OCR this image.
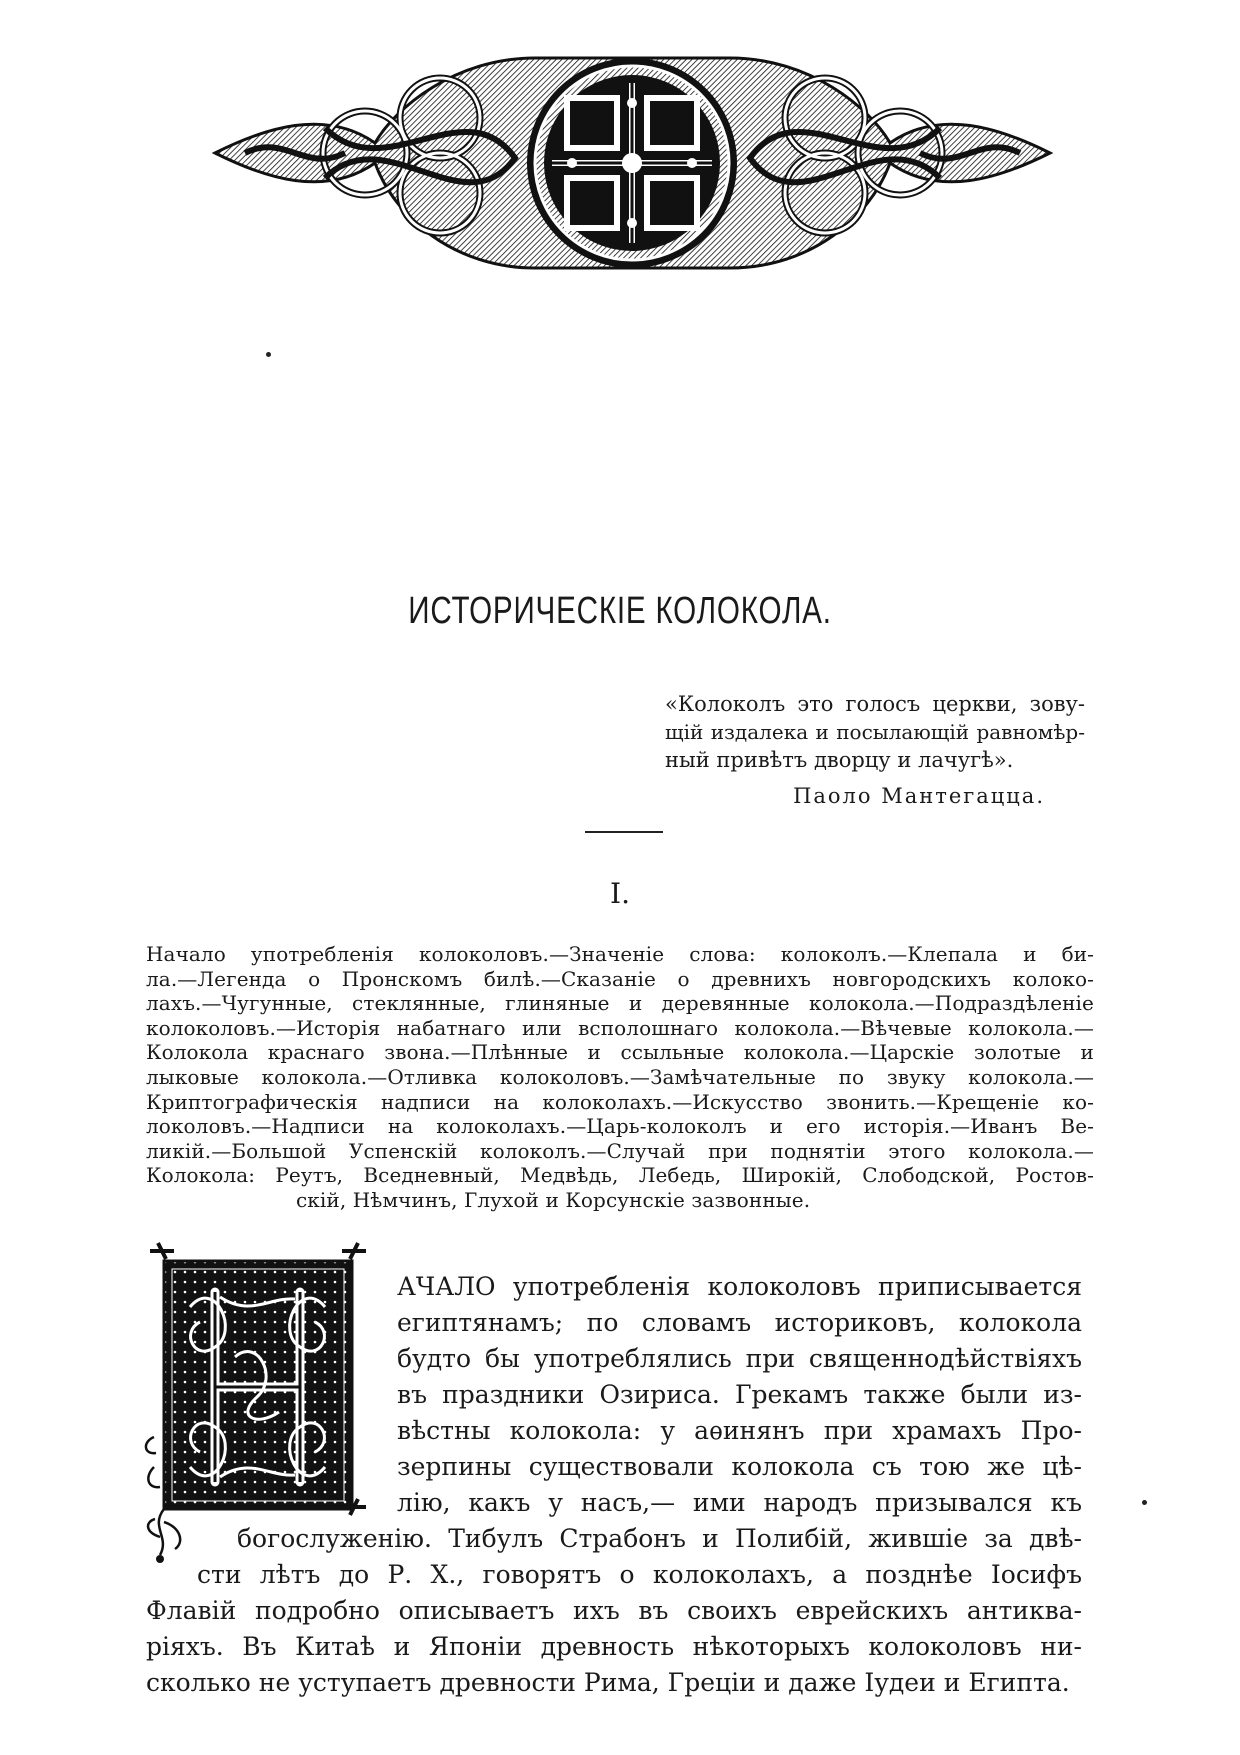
ИСТОРИЧЕСКІЕ КОЛОКОЛА.
«Колоколъ это голосъ церкви, зову-
щій издалека и посылающій равномѣр-
ный привѣтъ дворцу и лачугѣ».
Паоло Мантегацца.
I.
Начало употребленія колоколовъ.—Значеніе слова: колоколъ.—Клепала и би-
ла.—Легенда о Пронскомъ билѣ.—Сказаніе о древнихъ новгородскихъ колоко-
лахъ.—Чугунные, стеклянные, глиняные и деревянные колокола.—Подраздѣленіе
колоколовъ.—Исторія набатнаго или всполошнаго колокола.—Вѣчевые колокола.—
Колокола краснаго звона.—Плѣнные и ссыльные колокола.—Царскіе золотые и
лыковые колокола.—Отливка колоколовъ.—Замѣчательные по звуку колокола.—
Криптографическія надписи на колоколахъ.—Искусство звонить.—Крещеніе ко-
локоловъ.—Надписи на колоколахъ.—Царь-колоколъ и его исторія.—Иванъ Ве-
ликій.—Большой Успенскій колоколъ.—Случай при поднятіи этого колокола.—
Колокола: Реутъ, Вседневный, Медвѣдь, Лебедь, Широкій, Слободской, Ростов-
скій, Нѣмчинъ, Глухой и Корсунскіе зазвонные.
АЧАЛО употребленія колоколовъ приписывается
египтянамъ; по словамъ историковъ, колокола
будто бы употреблялись при священнодѣйствіяхъ
въ праздники Озириса. Грекамъ также были из-
вѣстны колокола: у аѳинянъ при храмахъ Про-
зерпины существовали колокола съ тою же цѣ-
лію, какъ у насъ,— ими народъ призывался къ
богослуженію. Тибулъ Страбонъ и Полибій, жившіе за двѣ-
сти лѣтъ до Р. Х., говорятъ о колоколахъ, а позднѣе Іосифъ
Флавій подробно описываетъ ихъ въ своихъ еврейскихъ антиква-
ріяхъ. Въ Китаѣ и Японіи древность нѣкоторыхъ колоколовъ ни-
сколько не уступаетъ древности Рима, Греціи и даже Іудеи и Египта.
